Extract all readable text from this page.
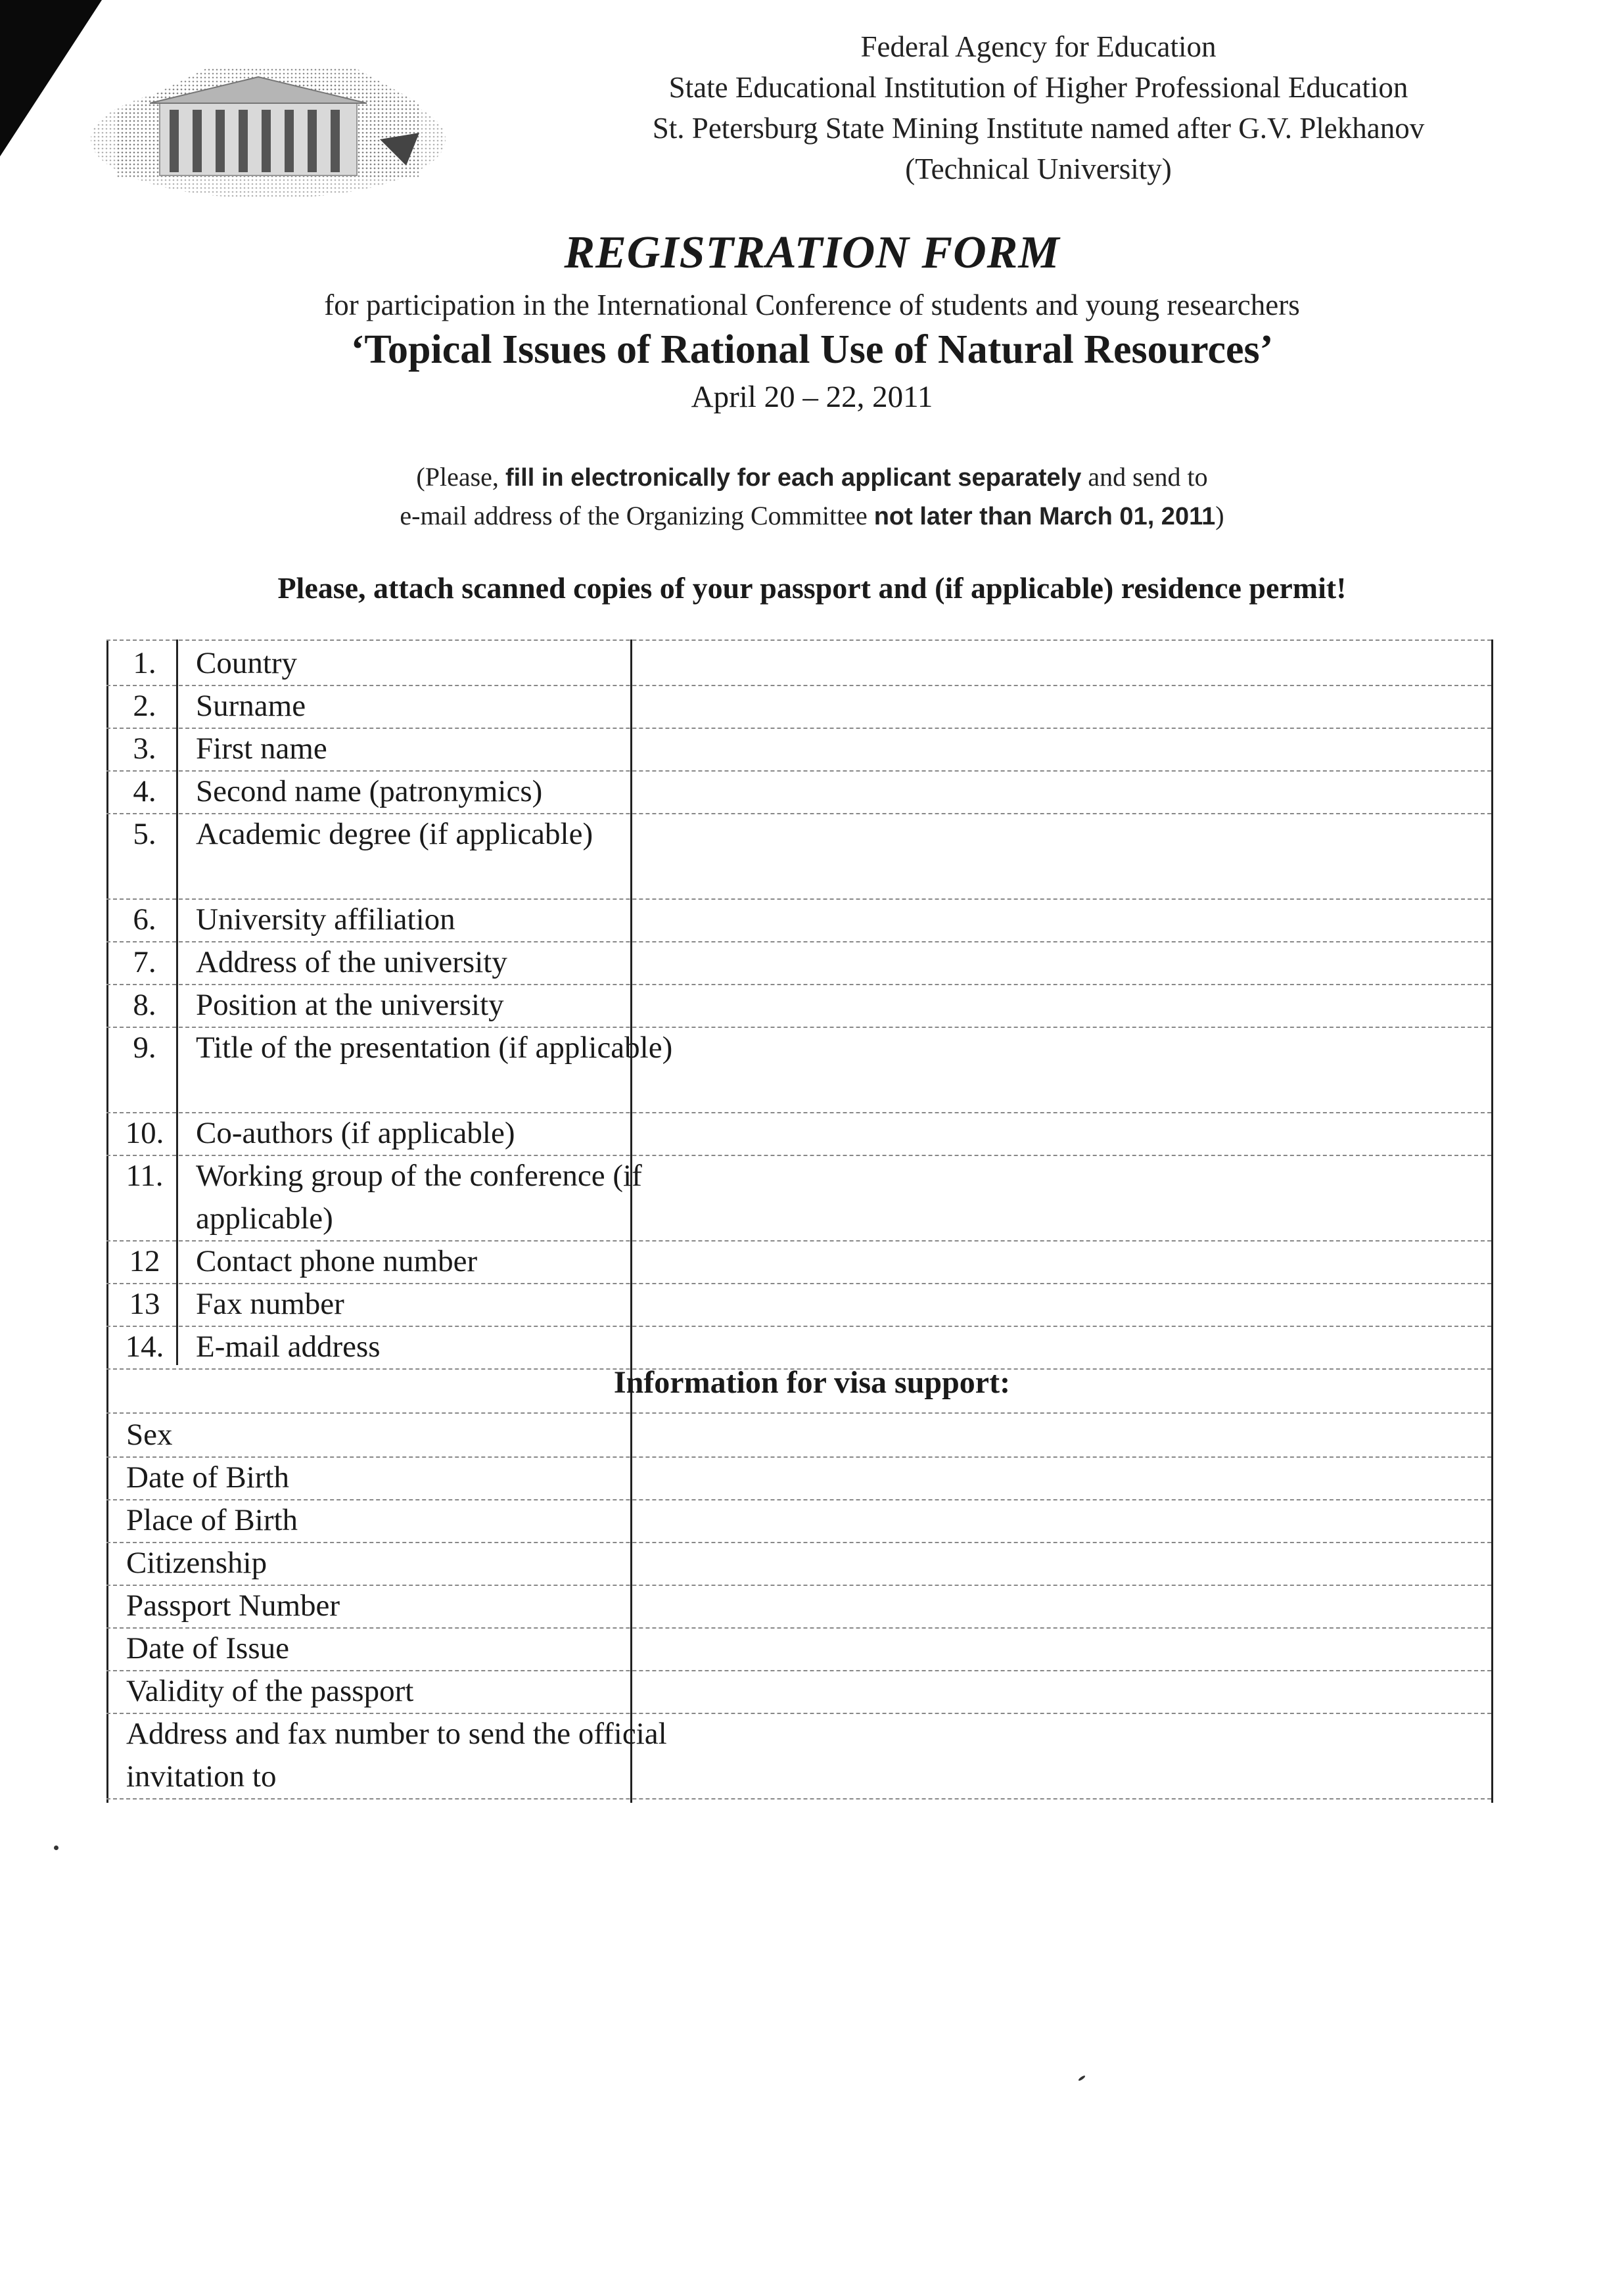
Federal Agency for Education
State Educational Institution of Higher Professional Education
St. Petersburg State Mining Institute named after G.V. Plekhanov
(Technical University)
REGISTRATION FORM
for participation in the International Conference of students and young researchers
‘Topical Issues of Rational Use of Natural Resources’
April 20 – 22, 2011
(Please, fill in electronically for each applicant separately and send to
e-mail address of the Organizing Committee not later than March 01, 2011)
Please, attach scanned copies of your passport and (if applicable) residence permit!
1.	Country
2.	Surname
3.	First name
4.	Second name (patronymics)
5.	Academic degree (if applicable)
6.	University affiliation
7.	Address of the university
8.	Position at the university
9.	Title of the presentation (if applicable)
10.	Co-authors (if applicable)
11.	Working group of the conference (if applicable)
12	Contact phone number
13	Fax number
14.	E-mail address
Sex
Date of Birth
Place of Birth
Citizenship
Passport Number
Date of Issue
Validity of the passport
Address and fax number to send the official invitation to
Information for visa support:
